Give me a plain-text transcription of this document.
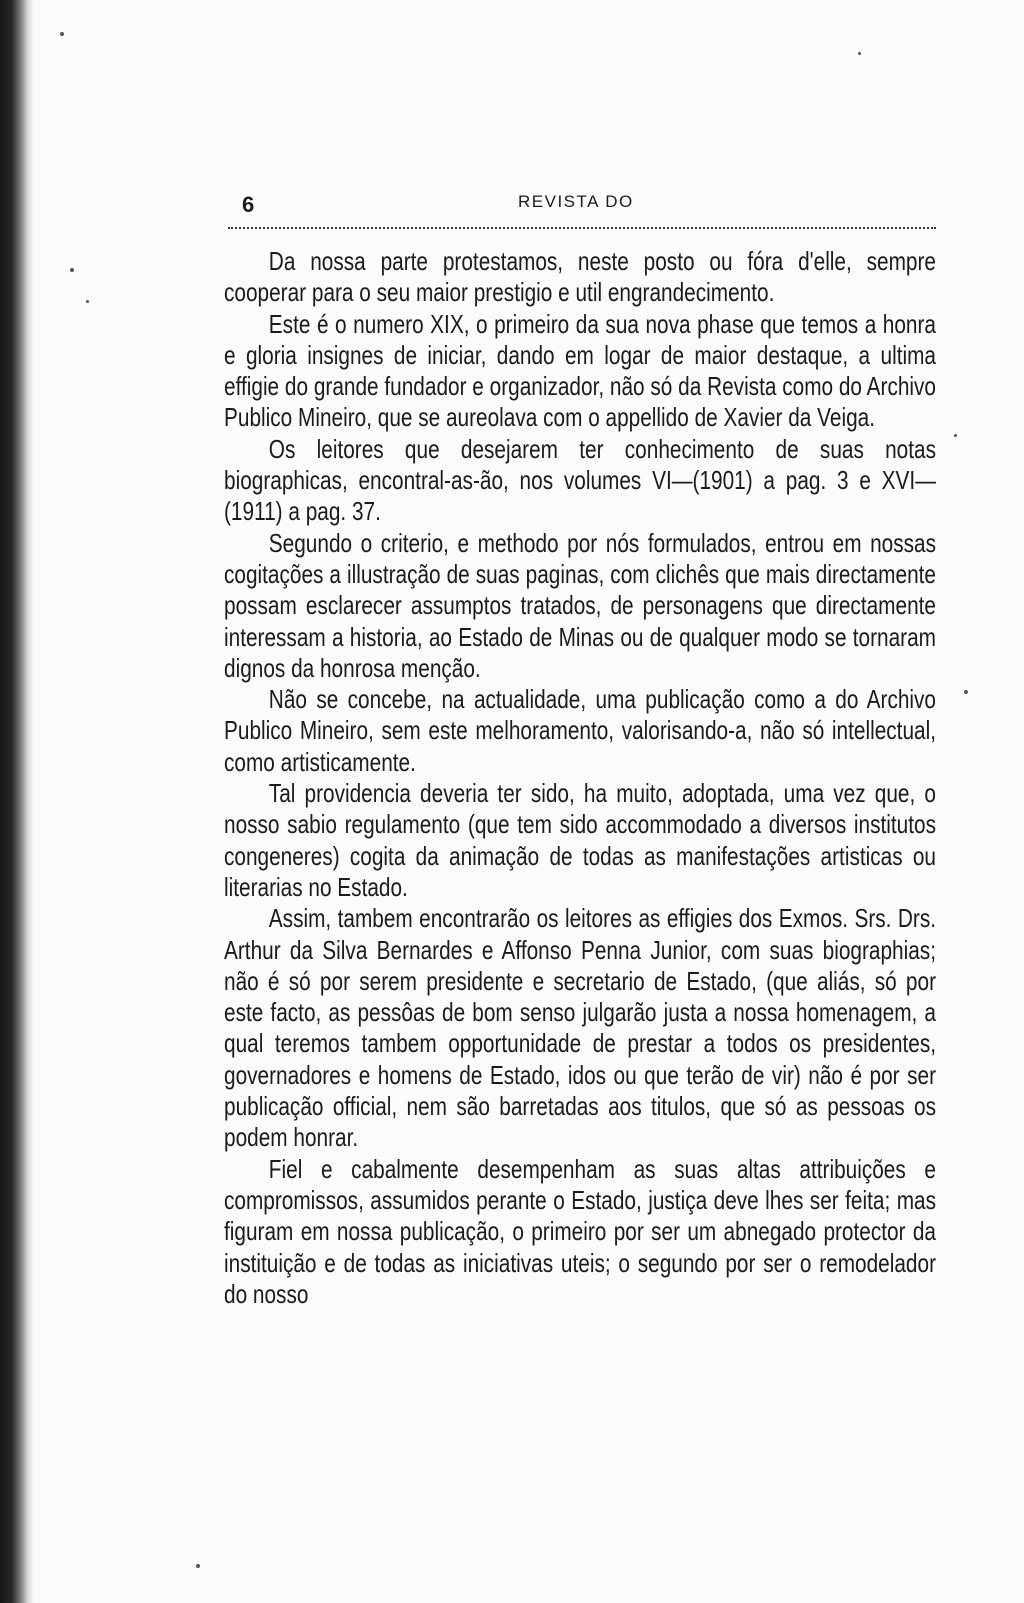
6	REVISTA DO

Da nossa parte protestamos, neste posto ou fóra d'elle, sempre cooperar para o seu maior prestigio e util engrandecimento.

Este é o numero XIX, o primeiro da sua nova phase que temos a honra e gloria insignes de iniciar, dando em logar de maior destaque, a ultima effigie do grande fundador e organizador, não só da Revista como do Archivo Publico Mineiro, que se aureolava com o appellido de Xavier da Veiga.

Os leitores que desejarem ter conhecimento de suas notas biographicas, encontral-as-ão, nos volumes VI—(1901) a pag. 3 e XVI—(1911) a pag. 37.

Segundo o criterio, e methodo por nós formulados, entrou em nossas cogitações a illustração de suas paginas, com clichês que mais directamente possam esclarecer assumptos tratados, de personagens que directamente interessam a historia, ao Estado de Minas ou de qualquer modo se tornaram dignos da honrosa menção.

Não se concebe, na actualidade, uma publicação como a do Archivo Publico Mineiro, sem este melhoramento, valorisando-a, não só intellectual, como artisticamente.

Tal providencia deveria ter sido, ha muito, adoptada, uma vez que, o nosso sabio regulamento (que tem sido accommodado a diversos institutos congeneres) cogita da animação de todas as manifestações artisticas ou literarias no Estado.

Assim, tambem encontrarão os leitores as effigies dos Exmos. Srs. Drs. Arthur da Silva Bernardes e Affonso Penna Junior, com suas biographias; não é só por serem presidente e secretario de Estado, (que aliás, só por este facto, as pessôas de bom senso julgarão justa a nossa homenagem, a qual teremos tambem opportunidade de prestar a todos os presidentes, governadores e homens de Estado, idos ou que terão de vir) não é por ser publicação official, nem são barretadas aos titulos, que só as pessoas os podem honrar.

Fiel e cabalmente desempenham as suas altas attribuições e compromissos, assumidos perante o Estado, justiça deve lhes ser feita; mas figuram em nossa publicação, o primeiro por ser um abnegado protector da instituição e de todas as iniciativas uteis; o segundo por ser o remodelador do nosso
